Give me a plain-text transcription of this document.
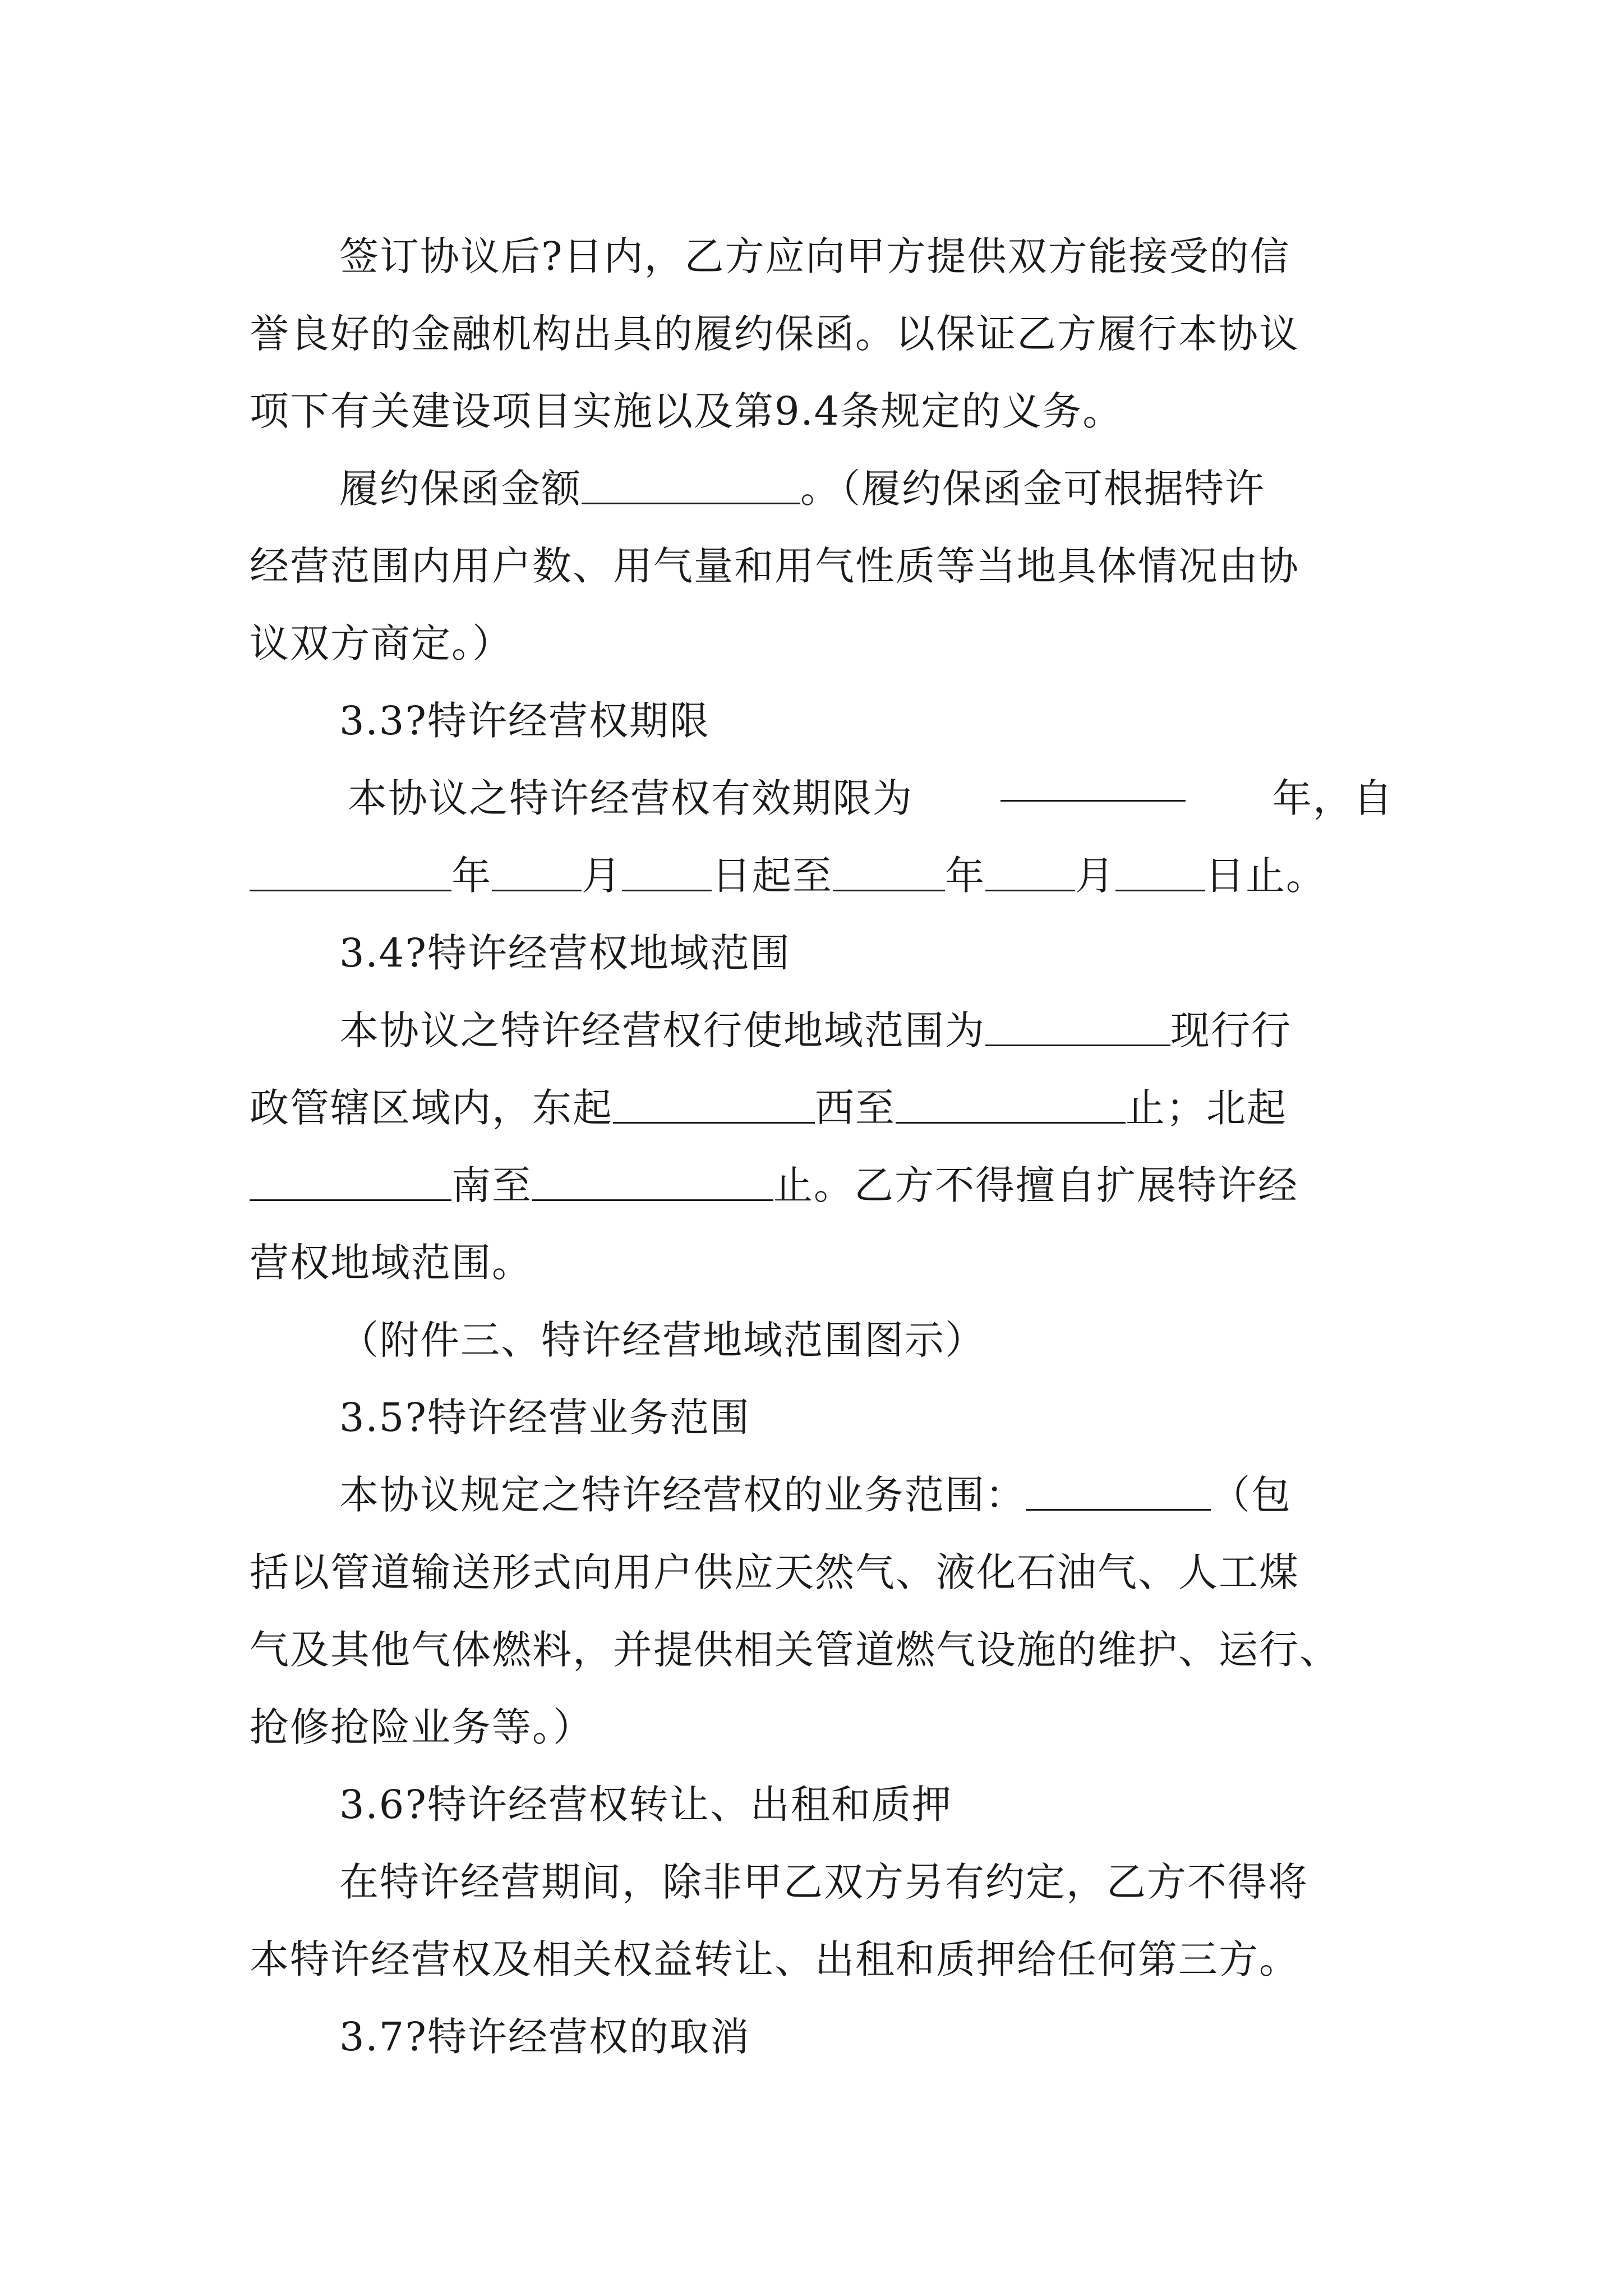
签订协议后?日内，乙方应向甲方提供双方能接受的信
誉良好的金融机构出具的履约保函。以保证乙方履行本协议
项下有关建设项目实施以及第9.4条规定的义务。
履约保函金额	。（履约保函金可根据特许
经营范围内用户数、用气量和用气性质等当地具体情况由协
议双方商定。）
3.3?特许经营权期限
本协议之特许经营权有效期限为	年，自
年 月 日起至	年 月 日止。
3.4?特许经营权地域范围
本协议之特许经营权行使地域范围为	现行行
政管辖区域内，东起	西至	止；北起
南至	止。乙方不得擅自扩展特许经
营权地域范围。
（附件三、特许经营地域范围图示）
3.5?特许经营业务范围
本协议规定之特许经营权的业务范围：	（包
括以管道输送形式向用户供应天然气、液化石油气、人工煤
气及其他气体燃料，并提供相关管道燃气设施的维护、运行、
抢修抢险业务等。）
3.6?特许经营权转让、出租和质押
在特许经营期间，除非甲乙双方另有约定，乙方不得将
本特许经营权及相关权益转让、出租和质押给任何第三方。
3.7?特许经营权的取消
